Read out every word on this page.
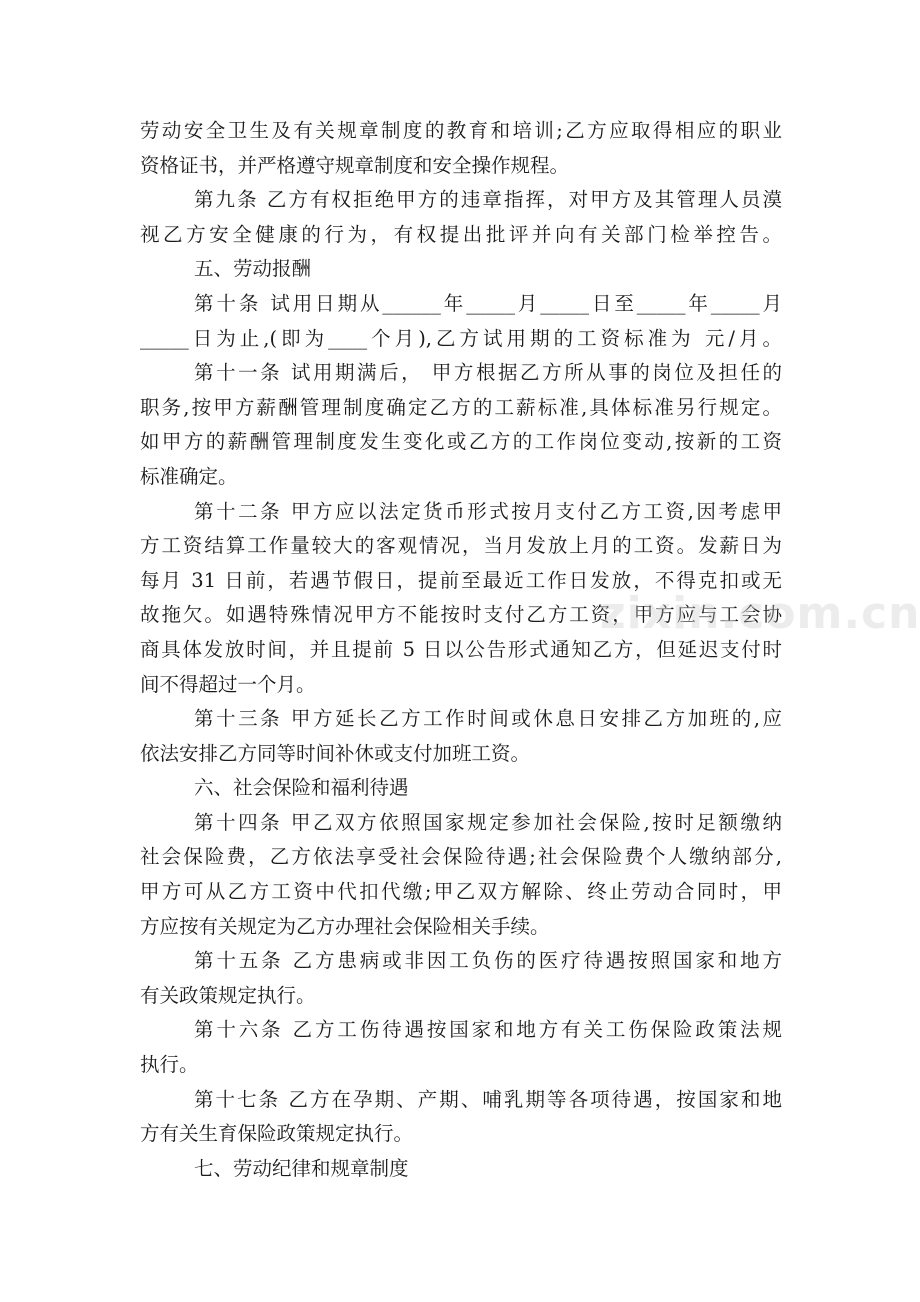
劳动安全卫生及有关规章制度的教育和培训;乙方应取得相应的职业
资格证书，并严格遵守规章制度和安全操作规程。
第九条 乙方有权拒绝甲方的违章指挥，对甲方及其管理人员漠
视乙方安全健康的行为，有权提出批评并向有关部门检举控告。
五、劳动报酬
第十条 试用日期从______年_____月_____日至_____年_____月
_____日为止,(即为____个月),乙方试用期的工资标准为 元/月。
第十一条 试用期满后， 甲方根据乙方所从事的岗位及担任的
职务,按甲方薪酬管理制度确定乙方的工薪标准,具体标准另行规定。
如甲方的薪酬管理制度发生变化或乙方的工作岗位变动,按新的工资
标准确定。
第十二条 甲方应以法定货币形式按月支付乙方工资,因考虑甲
方工资结算工作量较大的客观情况，当月发放上月的工资。发薪日为
每月 31 日前，若遇节假日，提前至最近工作日发放，不得克扣或无
故拖欠。如遇特殊情况甲方不能按时支付乙方工资，甲方应与工会协
商具体发放时间，并且提前 5 日以公告形式通知乙方，但延迟支付时
间不得超过一个月。
第十三条 甲方延长乙方工作时间或休息日安排乙方加班的,应
依法安排乙方同等时间补休或支付加班工资。
六、社会保险和福利待遇
第十四条 甲乙双方依照国家规定参加社会保险,按时足额缴纳
社会保险费，乙方依法享受社会保险待遇;社会保险费个人缴纳部分,
甲方可从乙方工资中代扣代缴;甲乙双方解除、终止劳动合同时，甲
方应按有关规定为乙方办理社会保险相关手续。
第十五条 乙方患病或非因工负伤的医疗待遇按照国家和地方
有关政策规定执行。
第十六条 乙方工伤待遇按国家和地方有关工伤保险政策法规
执行。
第十七条 乙方在孕期、产期、哺乳期等各项待遇，按国家和地
方有关生育保险政策规定执行。
七、劳动纪律和规章制度
zixin.com.cn
